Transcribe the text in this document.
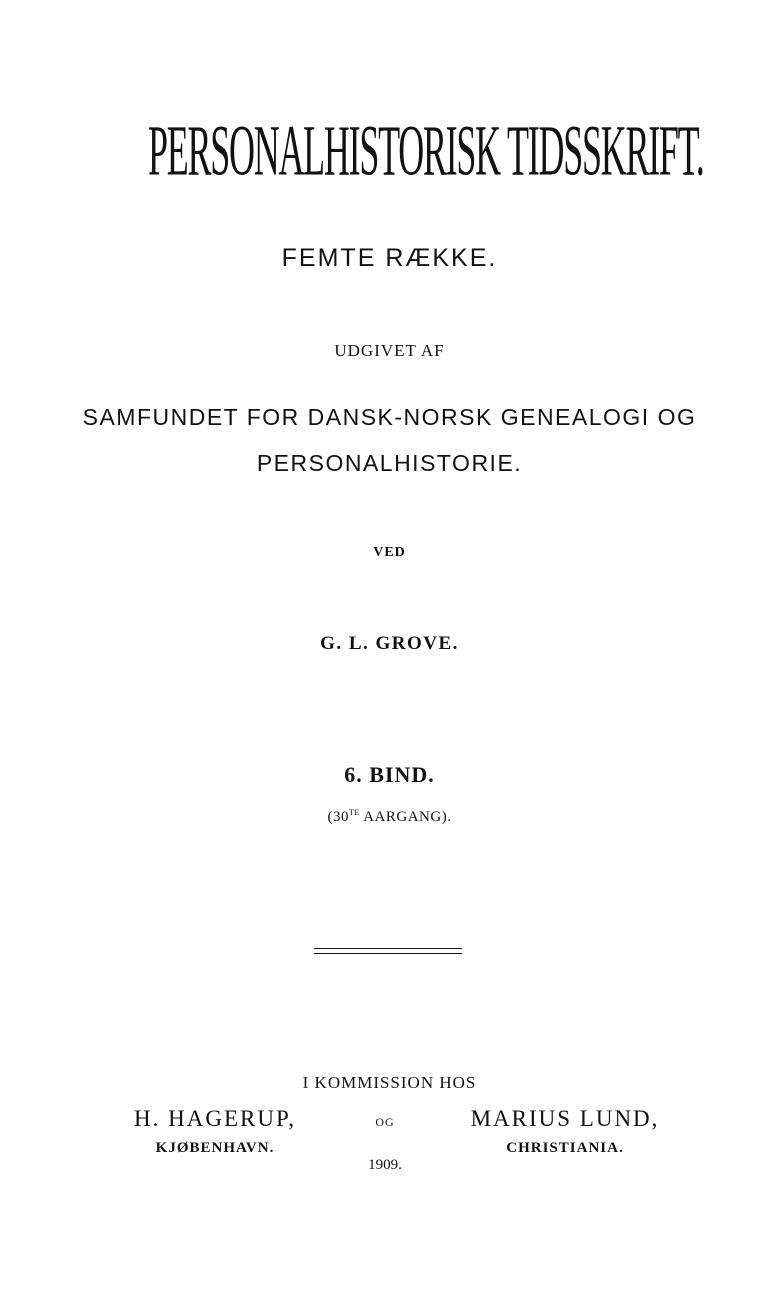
PERSONALHISTORISK TIDSSKRIFT.
FEMTE RÆKKE.
UDGIVET AF
SAMFUNDET FOR DANSK-NORSK GENEALOGI OG
PERSONALHISTORIE.
VED
G. L. GROVE.
6. BIND.
($30^{TE}$ AARGANG).
I KOMMISSION HOS
H. HAGERUP,
KJØBENHAVN.
OG
1909.
MARIUS LUND,
CHRISTIANIA.
